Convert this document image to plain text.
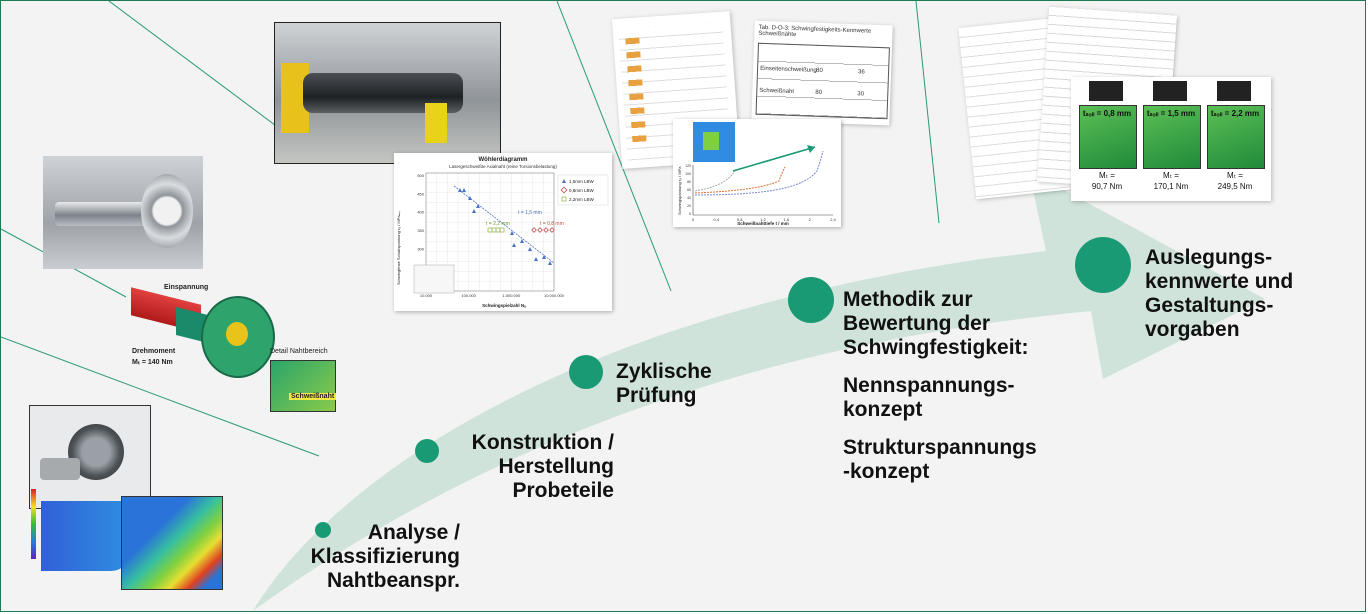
Einspannung
Drehmoment
Mₜ = 140 Nm
Detail Nahtbereich
Schweißnaht
Wöhlerdiagramm
Lasergeschweißte Axialnaht (reine Torsionsbelastung)
Schwingfeste Schubspannung τₐ / MPaₘ₄
Schwingspielzahl Nₒ
10.000	100.000	1.000.000	10.000.000
500
450
400
350
300
t = 1,5 mm
t = 2,2 mm	t = 0,8 mm
1,5mm LBW
0,8mm LBW
2,2mm LBW
Tab. D-O-3: Schwingfestigkeits-Kennwerte Schweißnähte
Einseitenschweißung 80	36
Schweißnaht	80	30
0	0,4	0,8	1,2	1,6	2	2,4
120
100
80
60
40
20
0
Schwingspannung τₐ / MPa
Schweißnahttiefe t / mm
tₛₒₗₗ = 0,8 mm
Mₜ =
90,7 Nm
tₛₒₗₗ = 1,5 mm
Mₜ =
170,1 Nm
tₛₒₗₗ = 2,2 mm
Mₜ =
249,5 Nm
Analyse /
Klassifizierung
Nahtbeanspr.
Konstruktion /
Herstellung
Probeteile
Zyklische
Prüfung
Methodik zur
Bewertung der
Schwingfestigkeit:
Nennspannungs-
konzept
Strukturspannungs
-konzept
Auslegungs-
kennwerte und
Gestaltungs-
vorgaben
